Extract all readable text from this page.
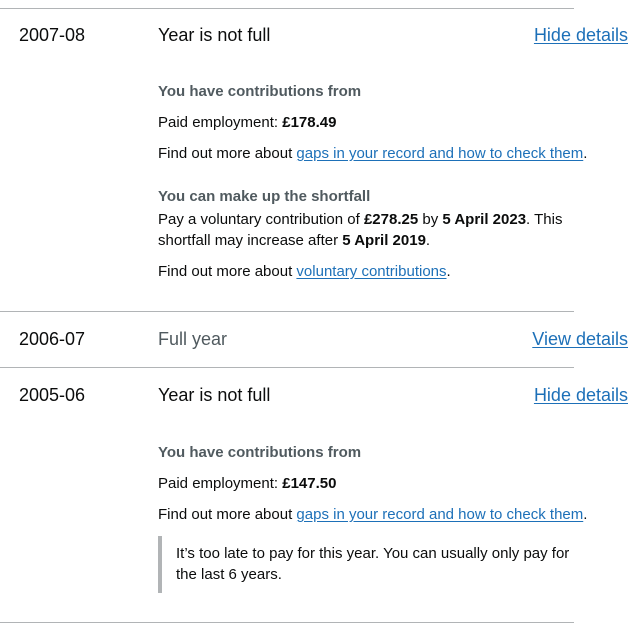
2007-08	Year is not full	Hide details
You have contributions from
Paid employment: £178.49
Find out more about gaps in your record and how to check them.
You can make up the shortfall
Pay a voluntary contribution of £278.25 by 5 April 2023. This
shortfall may increase after 5 April 2019.
Find out more about voluntary contributions.
2006-07	Full year	View details
2005-06	Year is not full	Hide details
You have contributions from
Paid employment: £147.50
Find out more about gaps in your record and how to check them.
It’s too late to pay for this year. You can usually only pay for
the last 6 years.
